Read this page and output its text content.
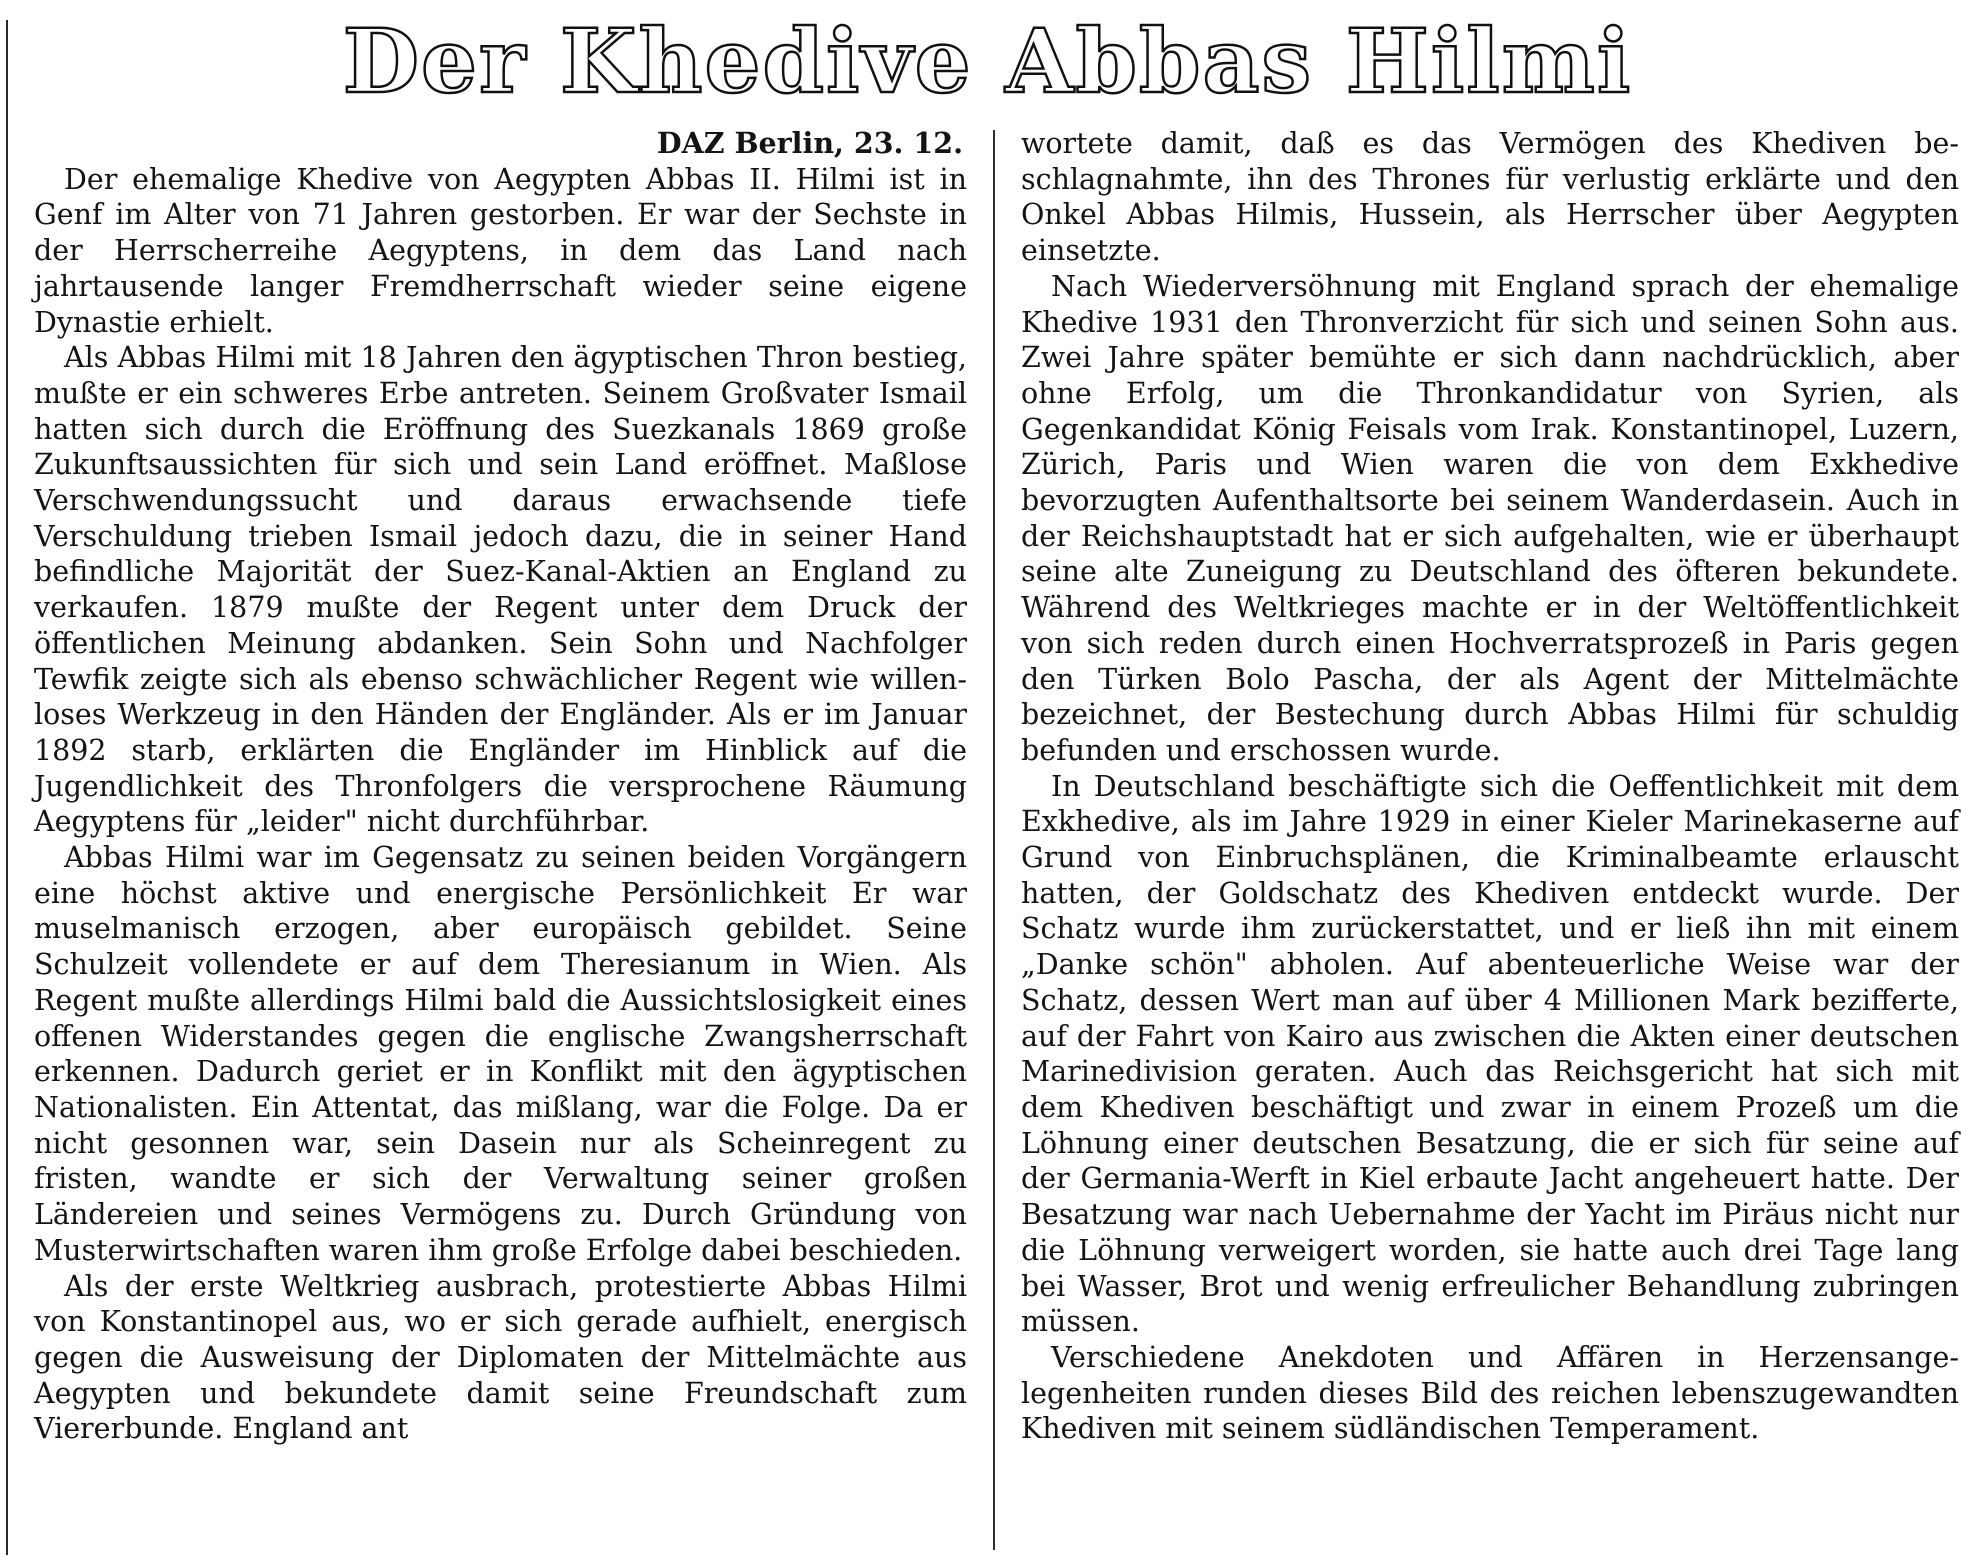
Der Khedive Abbas Hilmi
DAZ Berlin, 23. 12.

Der ehemalige Khedive von Aegypten Abbas II. Hilmi ist in Genf im Alter von 71 Jahren gestorben. Er war der Sechste in der Herrscherreihe Aegyptens, in dem das Land nach jahrtausende langer Fremdherrschaft wieder seine eigene Dynastie erhielt.

Als Abbas Hilmi mit 18 Jahren den ägyptischen Thron bestieg, mußte er ein schweres Erbe antreten. Seinem Großvater Ismail hatten sich durch die Eröffnung des Suezkanals 1869 große Zukunftsaussichten für sich und sein Land eröffnet. Maßlose Verschwendungssucht und daraus erwachsende tiefe Verschuldung trieben Ismail jedoch dazu, die in seiner Hand befindliche Majorität der Suez-Kanal-Aktien an England zu verkaufen. 1879 mußte der Regent unter dem Druck der öffentlichen Meinung abdanken. Sein Sohn und Nachfolger Tewfik zeigte sich als ebenso schwächlicher Regent wie willenloses Werkzeug in den Händen der Engländer. Als er im Januar 1892 starb, erklärten die Engländer im Hinblick auf die Jugendlichkeit des Thronfolgers die versprochene Räumung Aegyptens für „leider" nicht durchführbar.

Abbas Hilmi war im Gegensatz zu seinen beiden Vorgängern eine höchst aktive und energische Persönlichkeit Er war muselmanisch erzogen, aber europäisch gebildet. Seine Schulzeit vollendete er auf dem Theresianum in Wien. Als Regent mußte allerdings Hilmi bald die Aussichtslosigkeit eines offenen Widerstandes gegen die englische Zwangsherrschaft erkennen. Dadurch geriet er in Konflikt mit den ägyptischen Nationalisten. Ein Attentat, das mißlang, war die Folge. Da er nicht gesonnen war, sein Dasein nur als Scheinregent zu fristen, wandte er sich der Verwaltung seiner großen Ländereien und seines Vermögens zu. Durch Gründung von Musterwirtschaften waren ihm große Erfolge dabei beschieden.

Als der erste Weltkrieg ausbrach, protestierte Abbas Hilmi von Konstantinopel aus, wo er sich gerade aufhielt, energisch gegen die Ausweisung der Diplomaten der Mittelmächte aus Aegypten und bekundete damit seine Freundschaft zum Viererbunde. England ant

wortete damit, daß es das Vermögen des Khediven beschlagnahmte, ihn des Thrones für verlustig erklärte und den Onkel Abbas Hilmis, Hussein, als Herrscher über Aegypten einsetzte.

Nach Wiederversöhnung mit England sprach der ehemalige Khedive 1931 den Thronverzicht für sich und seinen Sohn aus. Zwei Jahre später bemühte er sich dann nachdrücklich, aber ohne Erfolg, um die Thronkandidatur von Syrien, als Gegenkandidat König Feisals vom Irak. Konstantinopel, Luzern, Zürich, Paris und Wien waren die von dem Exkhedive bevorzugten Aufenthaltsorte bei seinem Wanderdasein. Auch in der Reichshauptstadt hat er sich aufgehalten, wie er überhaupt seine alte Zuneigung zu Deutschland des öfteren bekundete. Während des Weltkrieges machte er in der Weltöffentlichkeit von sich reden durch einen Hochverratsprozeß in Paris gegen den Türken Bolo Pascha, der als Agent der Mittelmächte bezeichnet, der Bestechung durch Abbas Hilmi für schuldig befunden und erschossen wurde.

In Deutschland beschäftigte sich die Oeffentlichkeit mit dem Exkhedive, als im Jahre 1929 in einer Kieler Marinekaserne auf Grund von Einbruchsplänen, die Kriminalbeamte erlauscht hatten, der Goldschatz des Khediven entdeckt wurde. Der Schatz wurde ihm zurückerstattet, und er ließ ihn mit einem „Danke schön" abholen. Auf abenteuerliche Weise war der Schatz, dessen Wert man auf über 4 Millionen Mark bezifferte, auf der Fahrt von Kairo aus zwischen die Akten einer deutschen Marinedivision geraten. Auch das Reichsgericht hat sich mit dem Khediven beschäftigt und zwar in einem Prozeß um die Löhnung einer deutschen Besatzung, die er sich für seine auf der Germania-Werft in Kiel erbaute Jacht angeheuert hatte. Der Besatzung war nach Uebernahme der Yacht im Piräus nicht nur die Löhnung verweigert worden, sie hatte auch drei Tage lang bei Wasser, Brot und wenig erfreulicher Behandlung zubringen müssen.

Verschiedene Anekdoten und Affären in Herzensangelegenheiten runden dieses Bild des reichen lebenszugewandten Khediven mit seinem südländischen Temperament.
